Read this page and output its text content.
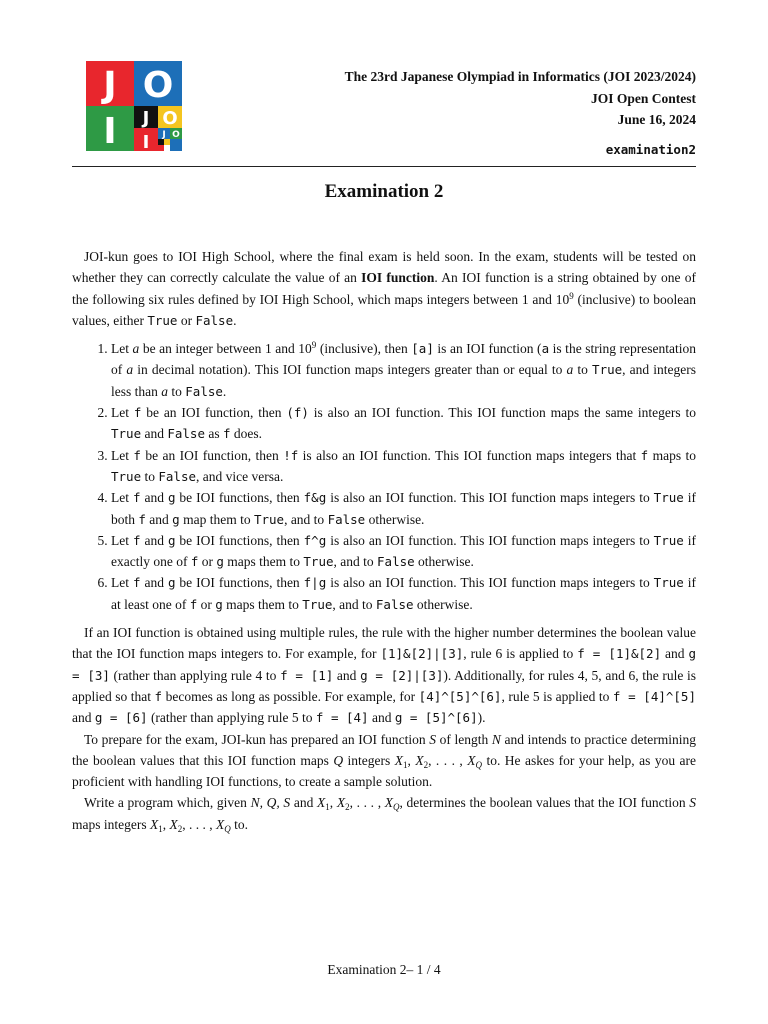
J O
I J O
I J O
The 23rd Japanese Olympiad in Informatics (JOI 2023/2024)
JOI Open Contest
June 16, 2024
examination2
Examination 2

JOI-kun goes to IOI High School, where the final exam is held soon. In the exam, students will be tested on whether they can correctly calculate the value of an IOI function. An IOI function is a string obtained by one of the following six rules defined by IOI High School, which maps integers between 1 and $10^9$ (inclusive) to boolean values, either True or False.

1. Let a be an integer between 1 and $10^9$ (inclusive), then [a] is an IOI function (a is the string representation of a in decimal notation). This IOI function maps integers greater than or equal to a to True, and integers less than a to False.
2. Let f be an IOI function, then (f) is also an IOI function. This IOI function maps the same integers to True and False as f does.
3. Let f be an IOI function, then !f is also an IOI function. This IOI function maps integers that f maps to True to False, and vice versa.
4. Let f and g be IOI functions, then f&g is also an IOI function. This IOI function maps integers to True if both f and g map them to True, and to False otherwise.
5. Let f and g be IOI functions, then f^g is also an IOI function. This IOI function maps integers to True if exactly one of f or g maps them to True, and to False otherwise.
6. Let f and g be IOI functions, then f|g is also an IOI function. This IOI function maps integers to True if at least one of f or g maps them to True, and to False otherwise.

If an IOI function is obtained using multiple rules, the rule with the higher number determines the boolean value that the IOI function maps integers to. For example, for [1]&[2]|[3], rule 6 is applied to f = [1]&[2] and g = [3] (rather than applying rule 4 to f = [1] and g = [2]|[3]). Additionally, for rules 4, 5, and 6, the rule is applied so that f becomes as long as possible. For example, for [4]^[5]^[6], rule 5 is applied to f = [4]^[5] and g = [6] (rather than applying rule 5 to f = [4] and g = [5]^[6]).

To prepare for the exam, JOI-kun has prepared an IOI function S of length N and intends to practice determining the boolean values that this IOI function maps Q integers $X_1$, $X_2$, . . . , $X_Q$ to. He askes for your help, as you are proficient with handling IOI functions, to create a sample solution.

Write a program which, given N, Q, S and $X_1$, $X_2$, . . . , $X_Q$, determines the boolean values that the IOI function S maps integers $X_1$, $X_2$, . . . , $X_Q$ to.

Examination 2– 1 / 4
